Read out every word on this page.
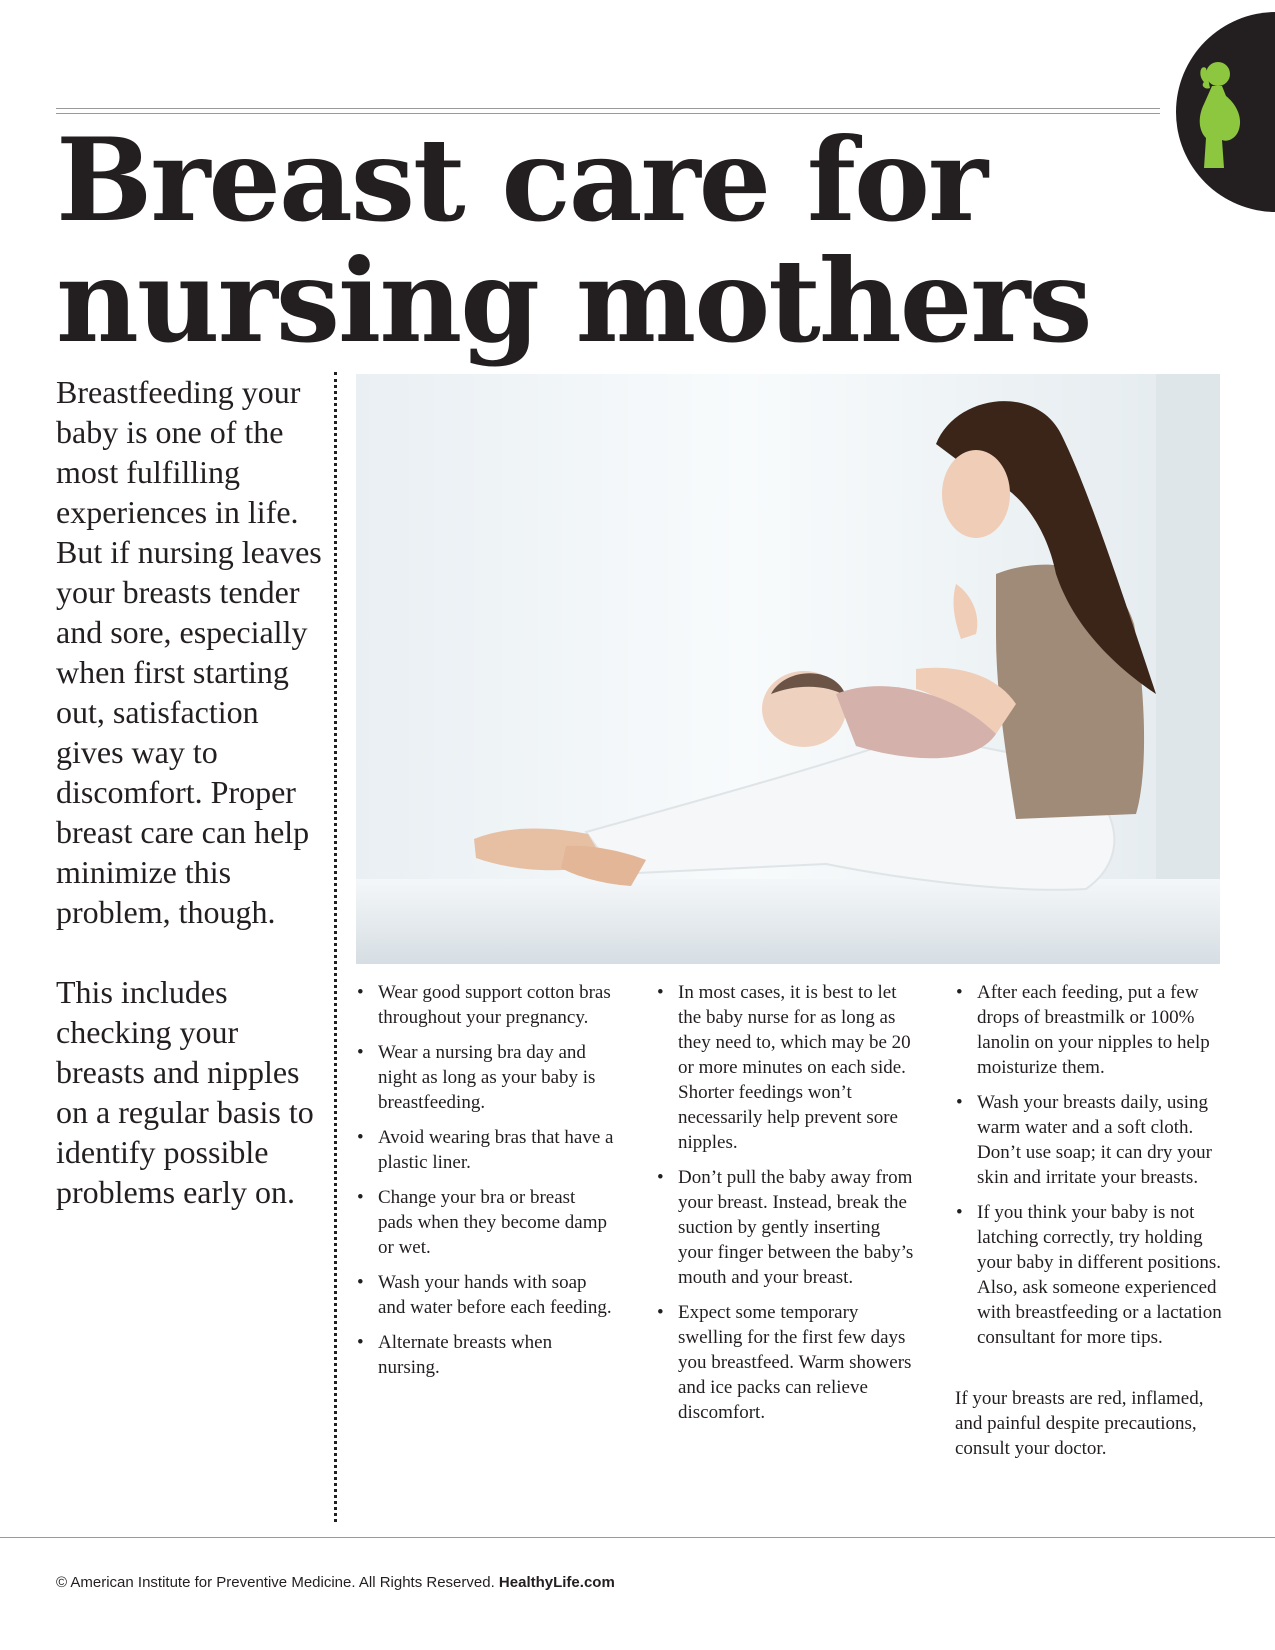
Breast care for nursing mothers

Breastfeeding your baby is one of the most fulfilling experiences in life. But if nursing leaves your breasts tender and sore, especially when first starting out, satisfaction gives way to discomfort. Proper breast care can help minimize this problem, though.

This includes checking your breasts and nipples on a regular basis to identify possible problems early on.

• Wear good support cotton bras throughout your pregnancy.
• Wear a nursing bra day and night as long as your baby is breastfeeding.
• Avoid wearing bras that have a plastic liner.
• Change your bra or breast pads when they become damp or wet.
• Wash your hands with soap and water before each feeding.
• Alternate breasts when nursing.
• In most cases, it is best to let the baby nurse for as long as they need to, which may be 20 or more minutes on each side. Shorter feedings won’t necessarily help prevent sore nipples.
• Don’t pull the baby away from your breast. Instead, break the suction by gently inserting your finger between the baby’s mouth and your breast.
• Expect some temporary swelling for the first few days you breastfeed. Warm showers and ice packs can relieve discomfort.
• After each feeding, put a few drops of breastmilk or 100% lanolin on your nipples to help moisturize them.
• Wash your breasts daily, using warm water and a soft cloth. Don’t use soap; it can dry your skin and irritate your breasts.
• If you think your baby is not latching correctly, try holding your baby in different positions. Also, ask someone experienced with breastfeeding or a lactation consultant for more tips.

If your breasts are red, inflamed, and painful despite precautions, consult your doctor.

© American Institute for Preventive Medicine. All Rights Reserved. HealthyLife.com
